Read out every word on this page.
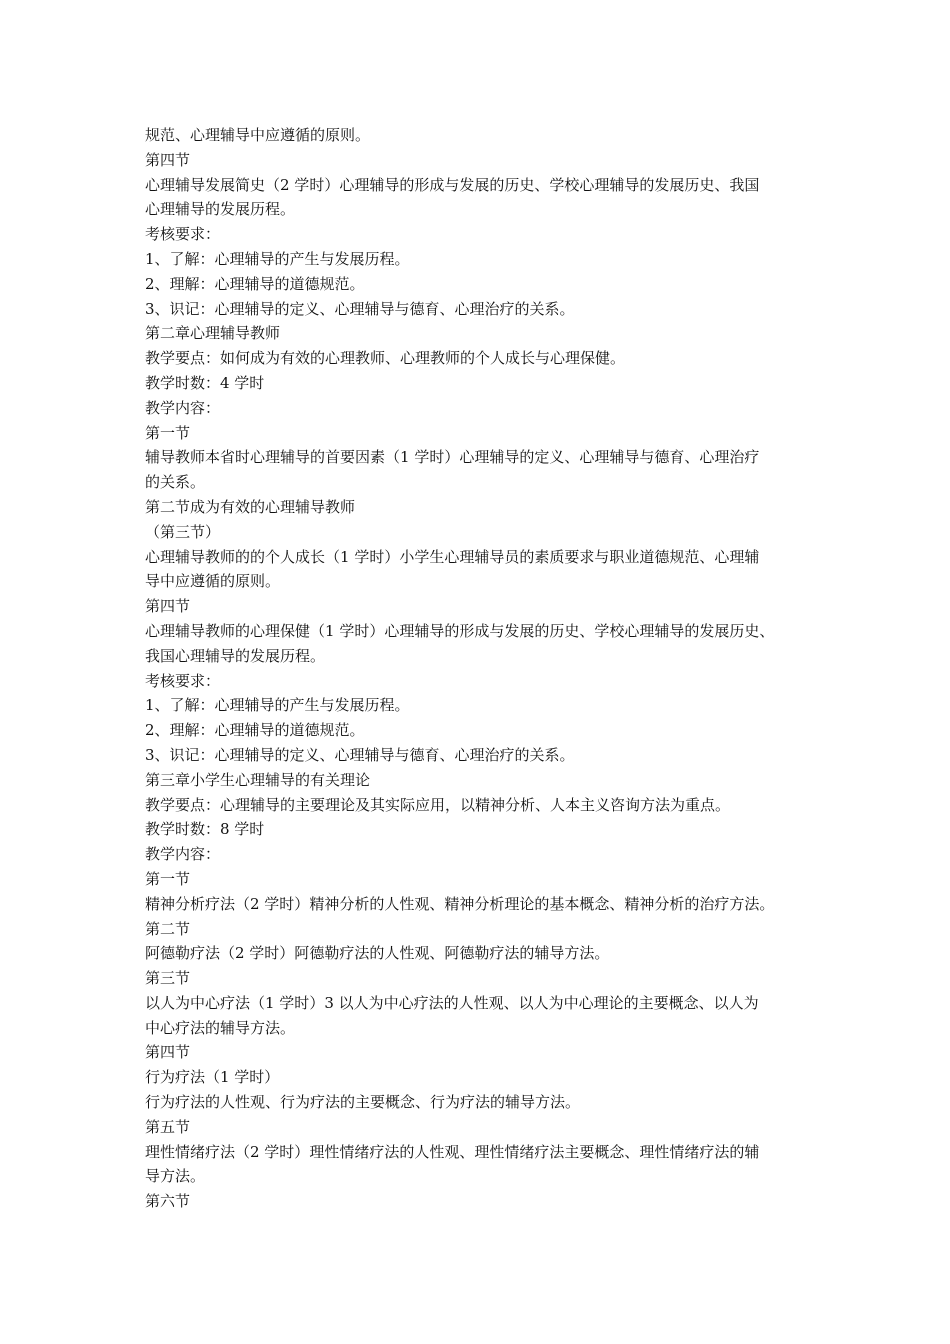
规范、心理辅导中应遵循的原则。
第四节
心理辅导发展简史（2 学时）心理辅导的形成与发展的历史、学校心理辅导的发展历史、我国
心理辅导的发展历程。
考核要求：
1、了解：心理辅导的产生与发展历程。
2、理解：心理辅导的道德规范。
3、识记：心理辅导的定义、心理辅导与德育、心理治疗的关系。
第二章心理辅导教师
教学要点：如何成为有效的心理教师、心理教师的个人成长与心理保健。
教学时数：4 学时
教学内容：
第一节
辅导教师本省时心理辅导的首要因素（1 学时）心理辅导的定义、心理辅导与德育、心理治疗
的关系。
第二节成为有效的心理辅导教师
（第三节）
心理辅导教师的的个人成长（1 学时）小学生心理辅导员的素质要求与职业道德规范、心理辅
导中应遵循的原则。
第四节
心理辅导教师的心理保健（1 学时）心理辅导的形成与发展的历史、学校心理辅导的发展历史、
我国心理辅导的发展历程。
考核要求：
1、了解：心理辅导的产生与发展历程。
2、理解：心理辅导的道德规范。
3、识记：心理辅导的定义、心理辅导与德育、心理治疗的关系。
第三章小学生心理辅导的有关理论
教学要点：心理辅导的主要理论及其实际应用，以精神分析、人本主义咨询方法为重点。
教学时数：8 学时
教学内容：
第一节
精神分析疗法（2 学时）精神分析的人性观、精神分析理论的基本概念、精神分析的治疗方法。
第二节
阿德勒疗法（2 学时）阿德勒疗法的人性观、阿德勒疗法的辅导方法。
第三节
以人为中心疗法（1 学时）3 以人为中心疗法的人性观、以人为中心理论的主要概念、以人为
中心疗法的辅导方法。
第四节
行为疗法（1 学时）
行为疗法的人性观、行为疗法的主要概念、行为疗法的辅导方法。
第五节
理性情绪疗法（2 学时）理性情绪疗法的人性观、理性情绪疗法主要概念、理性情绪疗法的辅
导方法。
第六节
